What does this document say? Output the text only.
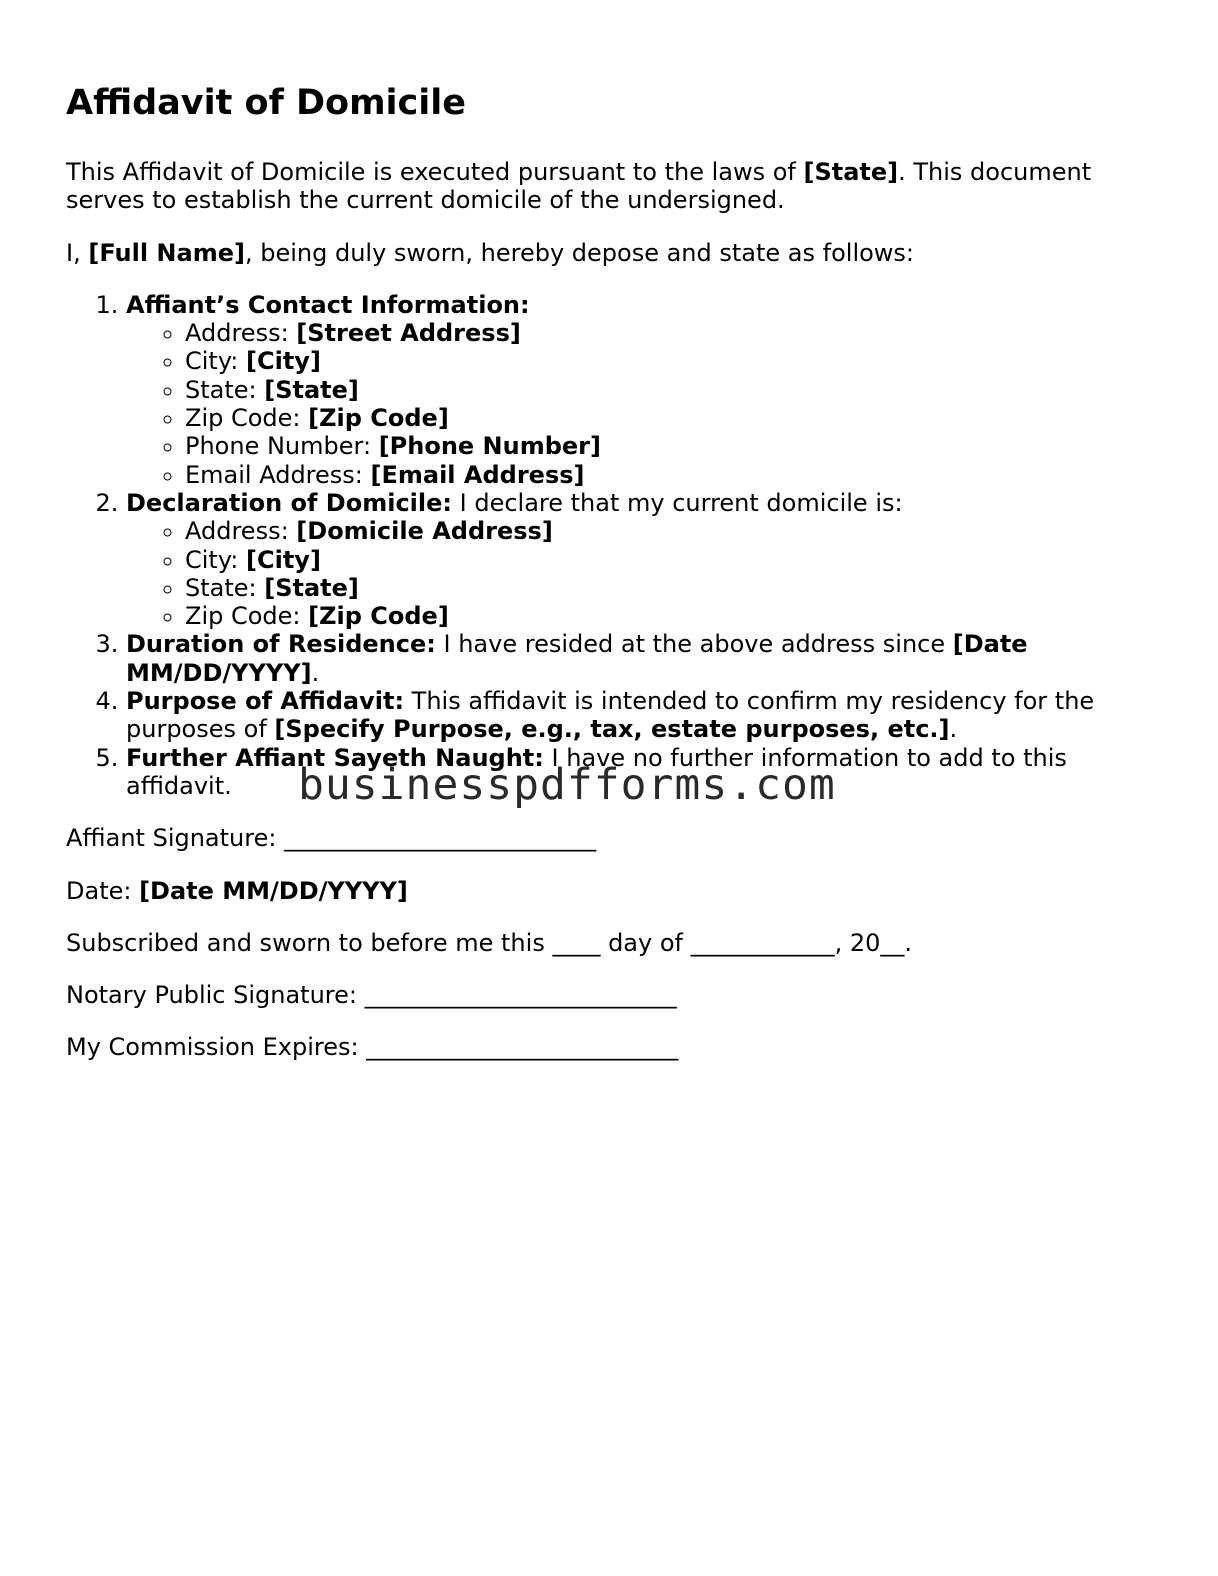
Affidavit of Domicile

This Affidavit of Domicile is executed pursuant to the laws of [State]. This document serves to establish the current domicile of the undersigned.

I, [Full Name], being duly sworn, hereby depose and state as follows:

1. Affiant’s Contact Information:
◦ Address: [Street Address]
◦ City: [City]
◦ State: [State]
◦ Zip Code: [Zip Code]
◦ Phone Number: [Phone Number]
◦ Email Address: [Email Address]
2. Declaration of Domicile: I declare that my current domicile is:
◦ Address: [Domicile Address]
◦ City: [City]
◦ State: [State]
◦ Zip Code: [Zip Code]
3. Duration of Residence: I have resided at the above address since [Date MM/DD/YYYY].
4. Purpose of Affidavit: This affidavit is intended to confirm my residency for the purposes of [Specify Purpose, e.g., tax, estate purposes, etc.].
5. Further Affiant Sayeth Naught: I have no further information to add to this affidavit.

Affiant Signature: __________________________

Date: [Date MM/DD/YYYY]

Subscribed and sworn to before me this ____ day of ____________, 20__.

Notary Public Signature: __________________________

My Commission Expires: __________________________

businesspdfforms.com
